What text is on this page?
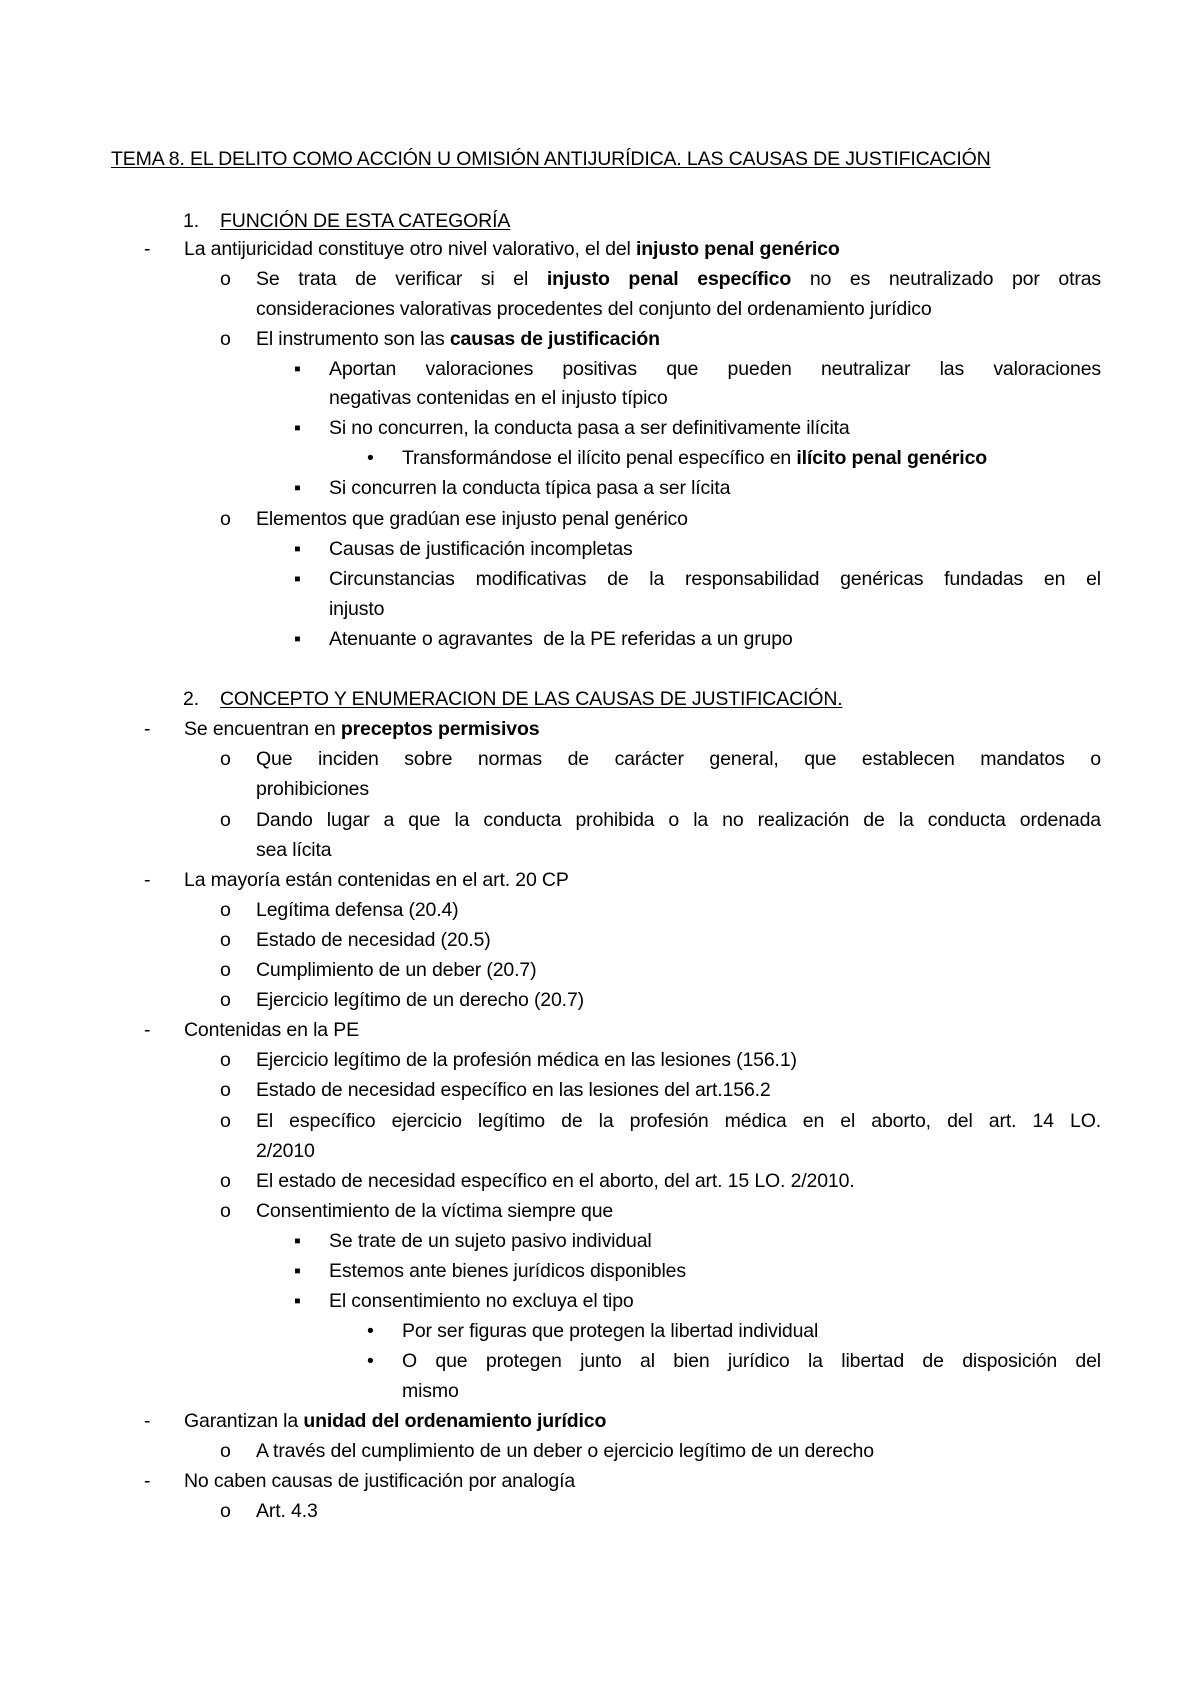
TEMA 8. EL DELITO COMO ACCIÓN U OMISIÓN ANTIJURÍDICA. LAS CAUSAS DE JUSTIFICACIÓN
1. FUNCIÓN DE ESTA CATEGORÍA
- La antijuricidad constituye otro nivel valorativo, el del injusto penal genérico
o Se trata de verificar si el injusto penal específico no es neutralizado por otras
consideraciones valorativas procedentes del conjunto del ordenamiento jurídico
o El instrumento son las causas de justificación
▪ Aportan valoraciones positivas que pueden neutralizar las valoraciones
negativas contenidas en el injusto típico
▪ Si no concurren, la conducta pasa a ser definitivamente ilícita
• Transformándose el ilícito penal específico en ilícito penal genérico
▪ Si concurren la conducta típica pasa a ser lícita
o Elementos que gradúan ese injusto penal genérico
▪ Causas de justificación incompletas
▪ Circunstancias modificativas de la responsabilidad genéricas fundadas en el
injusto
▪ Atenuante o agravantes  de la PE referidas a un grupo
2. CONCEPTO Y ENUMERACION DE LAS CAUSAS DE JUSTIFICACIÓN.
- Se encuentran en preceptos permisivos
o Que inciden sobre normas de carácter general, que establecen mandatos o
prohibiciones
o Dando lugar a que la conducta prohibida o la no realización de la conducta ordenada
sea lícita
- La mayoría están contenidas en el art. 20 CP
o Legítima defensa (20.4)
o Estado de necesidad (20.5)
o Cumplimiento de un deber (20.7)
o Ejercicio legítimo de un derecho (20.7)
- Contenidas en la PE
o Ejercicio legítimo de la profesión médica en las lesiones (156.1)
o Estado de necesidad específico en las lesiones del art.156.2
o El específico ejercicio legítimo de la profesión médica en el aborto, del art. 14 LO.
2/2010
o El estado de necesidad específico en el aborto, del art. 15 LO. 2/2010.
o Consentimiento de la víctima siempre que
▪ Se trate de un sujeto pasivo individual
▪ Estemos ante bienes jurídicos disponibles
▪ El consentimiento no excluya el tipo
• Por ser figuras que protegen la libertad individual
• O que protegen junto al bien jurídico la libertad de disposición del
mismo
- Garantizan la unidad del ordenamiento jurídico
o A través del cumplimiento de un deber o ejercicio legítimo de un derecho
- No caben causas de justificación por analogía
o Art. 4.3
